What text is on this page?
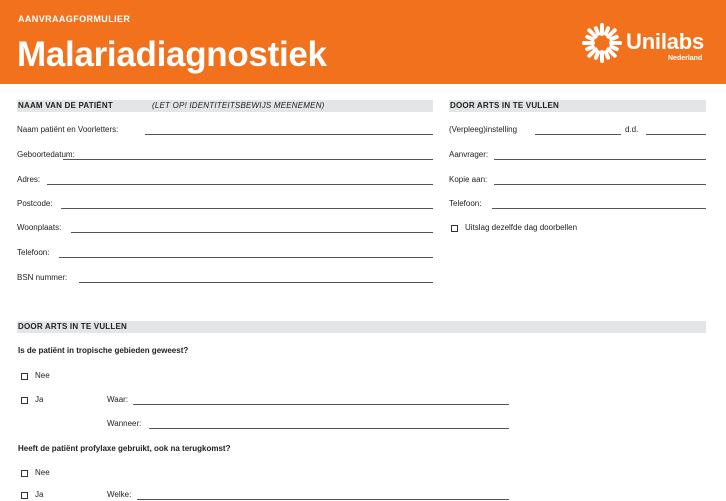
AANVRAAGFORMULIER
Malariadiagnostiek	Unilabs
Nederland
NAAM VAN DE PATIËNT	(LET OP! IDENTITEITSBEWIJS MEENEMEN)
Naam patiënt en Voorletters:
Geboortedatum:
Adres:
Postcode:
Woonplaats:
Telefoon:
BSN nummer:
DOOR ARTS IN TE VULLEN
(Verpleeg)instelling	d.d.
Aanvrager:
Kopie aan:
Telefoon:
Uitslag dezelfde dag doorbellen
DOOR ARTS IN TE VULLEN
Is de patiënt in tropische gebieden geweest?
Nee
Ja	Waar:
Wanneer:
Heeft de patiënt profylaxe gebruikt, ook na terugkomst?
Nee
Ja	Welke:
